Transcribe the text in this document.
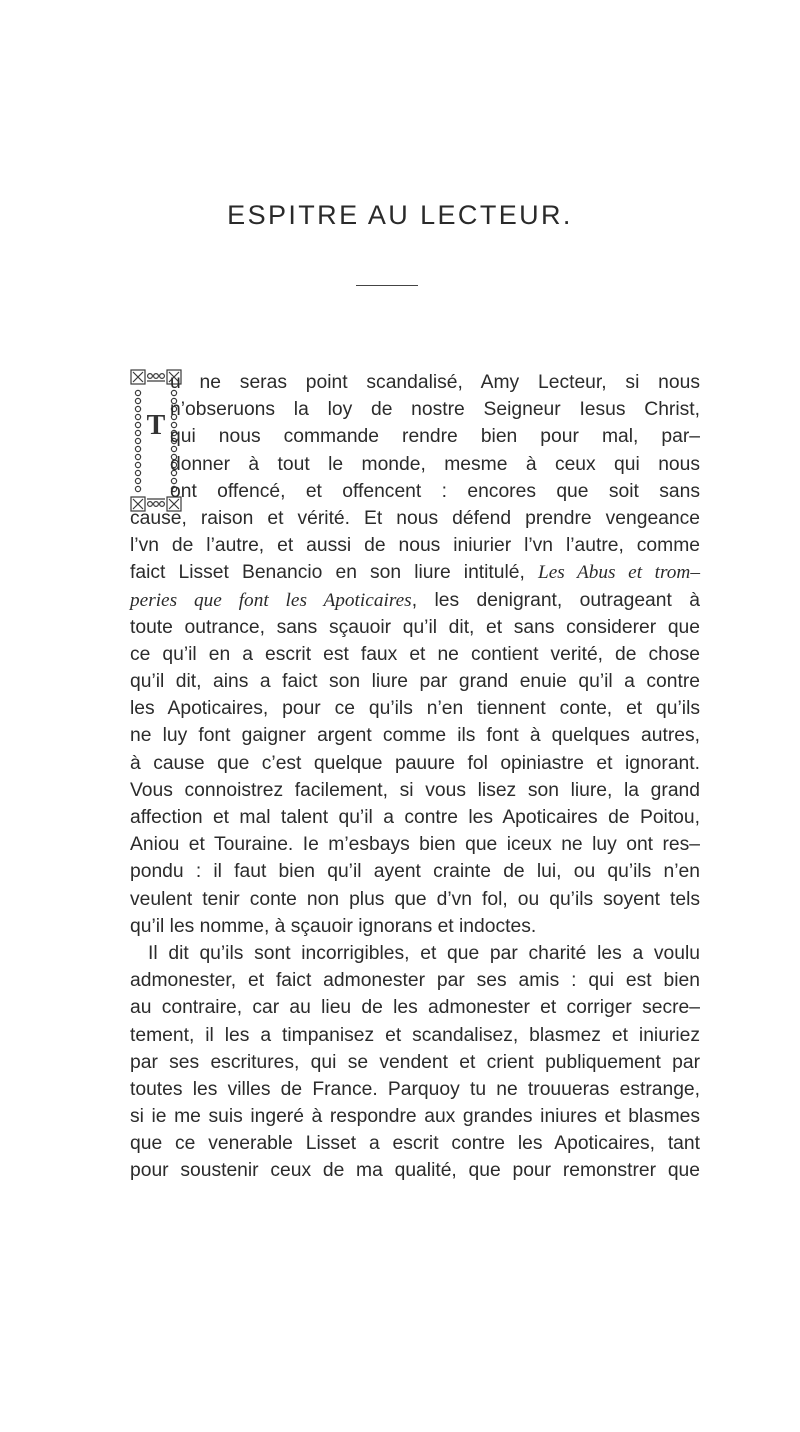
ESPITRE AU LECTEUR.
T
u ne seras point scandalisé, Amy Lecteur, si nous
n’obseruons la loy de nostre Seigneur Iesus Christ,
qui nous commande rendre bien pour mal, par–
donner à tout le monde, mesme à ceux qui nous
ont offencé, et offencent : encores que soit sans
cause, raison et vérité. Et nous défend prendre vengeance
l’vn de l’autre, et aussi de nous iniurier l’vn l’autre, comme
faict Lisset Benancio en son liure intitulé, Les Abus et trom–
peries que font les Apoticaires, les denigrant, outrageant à
toute outrance, sans sçauoir qu’il dit, et sans considerer que
ce qu’il en a escrit est faux et ne contient verité, de chose
qu’il dit, ains a faict son liure par grand enuie qu’il a contre
les Apoticaires, pour ce qu’ils n’en tiennent conte, et qu’ils
ne luy font gaigner argent comme ils font à quelques autres,
à cause que c’est quelque pauure fol opiniastre et ignorant.
Vous connoistrez facilement, si vous lisez son liure, la grand
affection et mal talent qu’il a contre les Apoticaires de Poitou,
Aniou et Touraine. Ie m’esbays bien que iceux ne luy ont res–
pondu : il faut bien qu’il ayent crainte de lui, ou qu’ils n’en
veulent tenir conte non plus que d’vn fol, ou qu’ils soyent tels
qu’il les nomme, à sçauoir ignorans et indoctes.
Il dit qu’ils sont incorrigibles, et que par charité les a voulu
admonester, et faict admonester par ses amis : qui est bien
au contraire, car au lieu de les admonester et corriger secre–
tement, il les a timpanisez et scandalisez, blasmez et iniuriez
par ses escritures, qui se vendent et crient publiquement par
toutes les villes de France. Parquoy tu ne trouueras estrange,
si ie me suis ingeré à respondre aux grandes iniures et blasmes
que ce venerable Lisset a escrit contre les Apoticaires, tant
pour soustenir ceux de ma qualité, que pour remonstrer que
